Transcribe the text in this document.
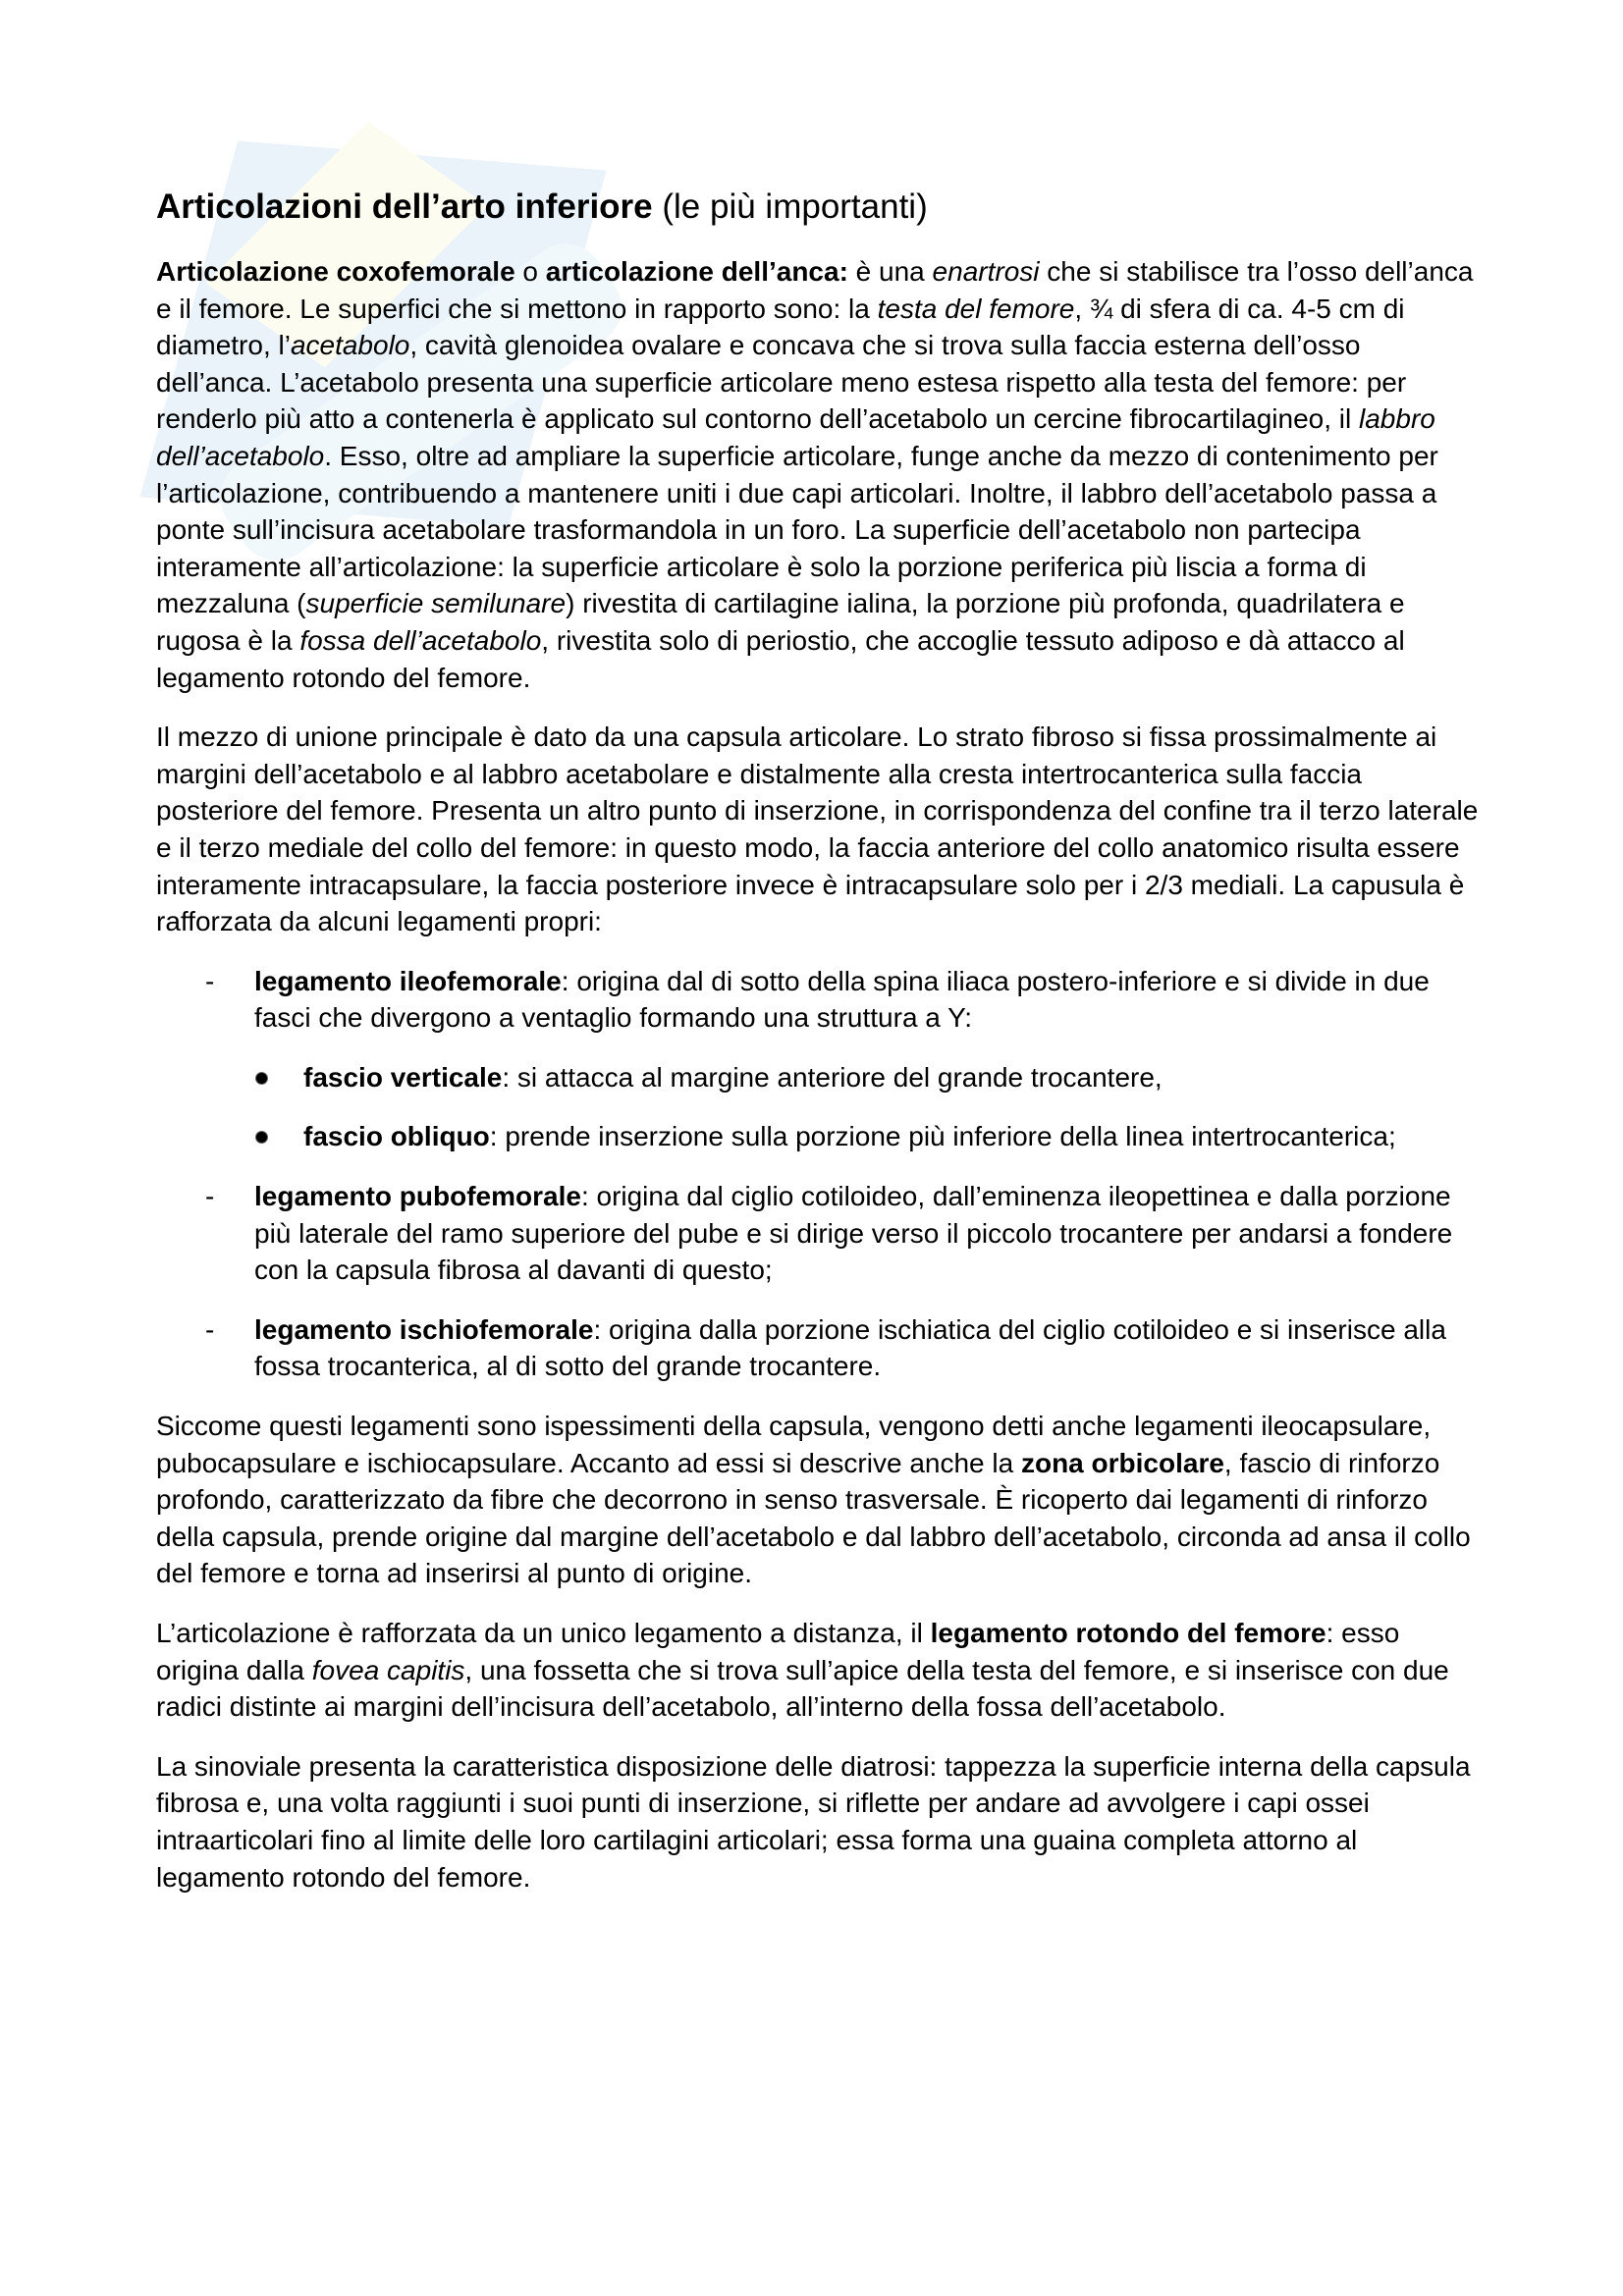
Articolazioni dell’arto inferiore (le più importanti)

Articolazione coxofemorale o articolazione dell’anca: è una enartrosi che si stabilisce tra l’osso dell’anca e il femore. Le superfici che si mettono in rapporto sono: la testa del femore, ¾ di sfera di ca. 4-5 cm di diametro, l’acetabolo, cavità glenoidea ovalare e concava che si trova sulla faccia esterna dell’osso dell’anca. L’acetabolo presenta una superficie articolare meno estesa rispetto alla testa del femore: per renderlo più atto a contenerla è applicato sul contorno dell’acetabolo un cercine fibrocartilagineo, il labbro dell’acetabolo. Esso, oltre ad ampliare la superficie articolare, funge anche da mezzo di contenimento per l’articolazione, contribuendo a mantenere uniti i due capi articolari. Inoltre, il labbro dell’acetabolo passa a ponte sull’incisura acetabolare trasformandola in un foro. La superficie dell’acetabolo non partecipa interamente all’articolazione: la superficie articolare è solo la porzione periferica più liscia a forma di mezzaluna (superficie semilunare) rivestita di cartilagine ialina, la porzione più profonda, quadrilatera e rugosa è la fossa dell’acetabolo, rivestita solo di periostio, che accoglie tessuto adiposo e dà attacco al legamento rotondo del femore.

Il mezzo di unione principale è dato da una capsula articolare. Lo strato fibroso si fissa prossimalmente ai margini dell’acetabolo e al labbro acetabolare e distalmente alla cresta intertrocanterica sulla faccia posteriore del femore. Presenta un altro punto di inserzione, in corrispondenza del confine tra il terzo laterale e il terzo mediale del collo del femore: in questo modo, la faccia anteriore del collo anatomico risulta essere interamente intracapsulare, la faccia posteriore invece è intracapsulare solo per i 2/3 mediali. La capusula è rafforzata da alcuni legamenti propri:

-	legamento ileofemorale: origina dal di sotto della spina iliaca postero-inferiore e si divide in due fasci che divergono a ventaglio formando una struttura a Y:
fascio verticale: si attacca al margine anteriore del grande trocantere,
fascio obliquo: prende inserzione sulla porzione più inferiore della linea intertrocanterica;
-	legamento pubofemorale: origina dal ciglio cotiloideo, dall’eminenza ileopettinea e dalla porzione più laterale del ramo superiore del pube e si dirige verso il piccolo trocantere per andarsi a fondere con la capsula fibrosa al davanti di questo;
-	legamento ischiofemorale: origina dalla porzione ischiatica del ciglio cotiloideo e si inserisce alla fossa trocanterica, al di sotto del grande trocantere.

Siccome questi legamenti sono ispessimenti della capsula, vengono detti anche legamenti ileocapsulare, pubocapsulare e ischiocapsulare. Accanto ad essi si descrive anche la zona orbicolare, fascio di rinforzo profondo, caratterizzato da fibre che decorrono in senso trasversale. È ricoperto dai legamenti di rinforzo della capsula, prende origine dal margine dell’acetabolo e dal labbro dell’acetabolo, circonda ad ansa il collo del femore e torna ad inserirsi al punto di origine.

L’articolazione è rafforzata da un unico legamento a distanza, il legamento rotondo del femore: esso origina dalla fovea capitis, una fossetta che si trova sull’apice della testa del femore, e si inserisce con due radici distinte ai margini dell’incisura dell’acetabolo, all’interno della fossa dell’acetabolo.

La sinoviale presenta la caratteristica disposizione delle diatrosi: tappezza la superficie interna della capsula fibrosa e, una volta raggiunti i suoi punti di inserzione, si riflette per andare ad avvolgere i capi ossei intraarticolari fino al limite delle loro cartilagini articolari; essa forma una guaina completa attorno al legamento rotondo del femore.
